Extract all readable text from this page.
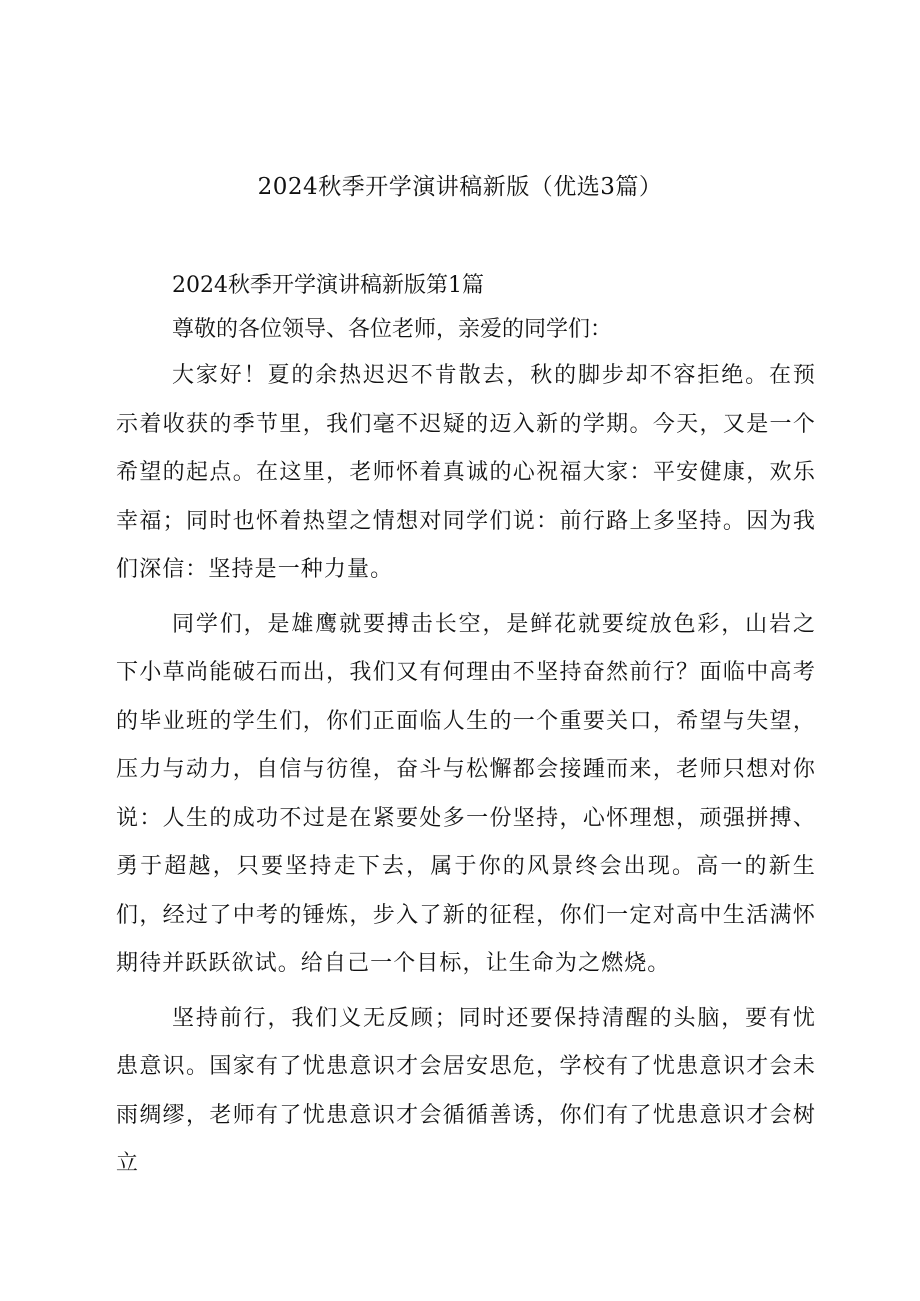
2024秋季开学演讲稿新版（优选3篇）

2024秋季开学演讲稿新版第1篇

尊敬的各位领导、各位老师，亲爱的同学们：

大家好！夏的余热迟迟不肯散去，秋的脚步却不容拒绝。在预示着收获的季节里，我们毫不迟疑的迈入新的学期。今天，又是一个希望的起点。在这里，老师怀着真诚的心祝福大家：平安健康，欢乐幸福；同时也怀着热望之情想对同学们说：前行路上多坚持。因为我们深信：坚持是一种力量。

同学们，是雄鹰就要搏击长空，是鲜花就要绽放色彩，山岩之下小草尚能破石而出，我们又有何理由不坚持奋然前行？面临中高考的毕业班的学生们，你们正面临人生的一个重要关口，希望与失望，压力与动力，自信与彷徨，奋斗与松懈都会接踵而来，老师只想对你说：人生的成功不过是在紧要处多一份坚持，心怀理想，顽强拼搏、勇于超越，只要坚持走下去，属于你的风景终会出现。高一的新生们，经过了中考的锤炼，步入了新的征程，你们一定对高中生活满怀期待并跃跃欲试。给自己一个目标，让生命为之燃烧。

坚持前行，我们义无反顾；同时还要保持清醒的头脑，要有忧患意识。国家有了忧患意识才会居安思危，学校有了忧患意识才会未雨绸缪，老师有了忧患意识才会循循善诱，你们有了忧患意识才会树立
